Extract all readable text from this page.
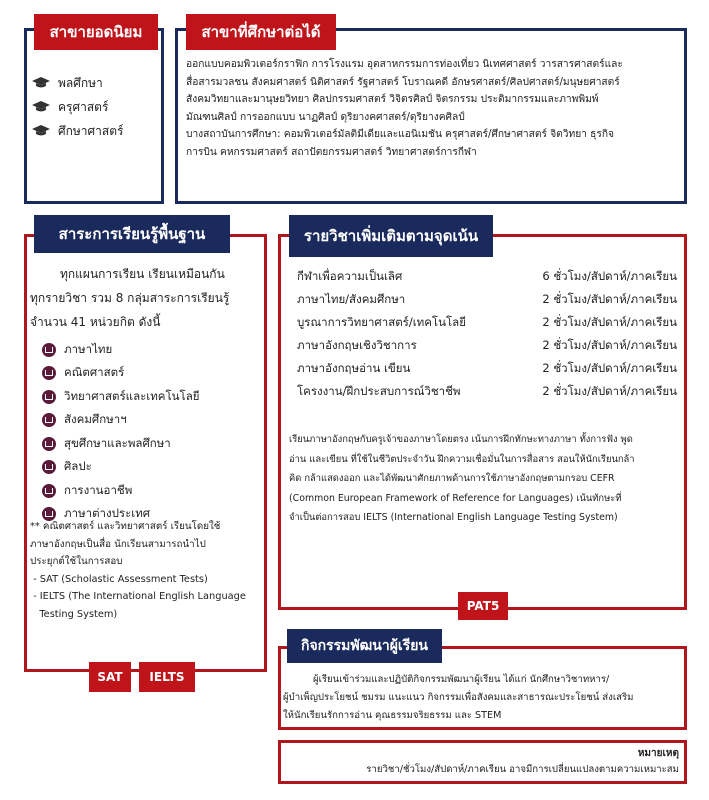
สาขายอดนิยม
พลศึกษา
ครุศาสตร์
ศึกษาศาสตร์
สาขาที่ศึกษาต่อได้
ออกแบบคอมพิวเตอร์กราฟิก การโรงแรม อุตสาหกรรมการท่องเที่ยว นิเทศศาสตร์ วารสารศาสตร์และ
สื่อสารมวลชน สังคมศาสตร์ นิติศาสตร์ รัฐศาสตร์ โบราณคดี อักษรศาสตร์/ศิลปศาสตร์/มนุษยศาสตร์
สังคมวิทยาและมานุษยวิทยา ศิลปกรรมศาสตร์ วิจิตรศิลป์ จิตรกรรม ประติมากรรมและภาพพิมพ์
มัณฑนศิลป์ การออกแบบ นาฏศิลป์ ดุริยางคศาสตร์/ดุริยางคศิลป์
บางสถาบันการศึกษา: คอมพิวเตอร์มัลติมีเดียและแอนิเมชัน ครุศาสตร์/ศึกษาศาสตร์ จิตวิทยา ธุรกิจ
การบิน คหกรรมศาสตร์ สถาปัตยกรรมศาสตร์ วิทยาศาสตร์การกีฬา
สาระการเรียนรู้พื้นฐาน
ทุกแผนการเรียน เรียนเหมือนกัน
ทุกรายวิชา รวม 8 กลุ่มสาระการเรียนรู้
จำนวน 41 หน่วยกิต ดังนี้
ภาษาไทย
คณิตศาสตร์
วิทยาศาสตร์และเทคโนโลยี
สังคมศึกษาฯ
สุขศึกษาและพลศึกษา
ศิลปะ
การงานอาชีพ
ภาษาต่างประเทศ
** คณิตศาสตร์ และวิทยาศาสตร์ เรียนโดยใช้
ภาษาอังกฤษเป็นสื่อ นักเรียนสามารถนำไป
ประยุกต์ใช้ในการสอบ
- SAT (Scholastic Assessment Tests)
- IELTS (The International English Language
Testing System)
SAT	IELTS
รายวิชาเพิ่มเติมตามจุดเน้น
กีฬาเพื่อความเป็นเลิศ	6 ชั่วโมง/สัปดาห์/ภาคเรียน
ภาษาไทย/สังคมศึกษา	2 ชั่วโมง/สัปดาห์/ภาคเรียน
บูรณาการวิทยาศาสตร์/เทคโนโลยี	2 ชั่วโมง/สัปดาห์/ภาคเรียน
ภาษาอังกฤษเชิงวิชาการ	2 ชั่วโมง/สัปดาห์/ภาคเรียน
ภาษาอังกฤษอ่าน เขียน	2 ชั่วโมง/สัปดาห์/ภาคเรียน
โครงงาน/ฝึกประสบการณ์วิชาชีพ	2 ชั่วโมง/สัปดาห์/ภาคเรียน
เรียนภาษาอังกฤษกับครูเจ้าของภาษาโดยตรง เน้นการฝึกทักษะทางภาษา ทั้งการฟัง พูด
อ่าน และเขียน ที่ใช้ในชีวิตประจำวัน ฝึกความเชื่อมั่นในการสื่อสาร สอนให้นักเรียนกล้า
คิด กล้าแสดงออก และได้พัฒนาศักยภาพด้านการใช้ภาษาอังกฤษตามกรอบ CEFR
(Common European Framework of Reference for Languages) เน้นทักษะที่
จำเป็นต่อการสอบ IELTS (International English Language Testing System)
PAT5
กิจกรรมพัฒนาผู้เรียน
ผู้เรียนเข้าร่วมและปฏิบัติกิจกรรมพัฒนาผู้เรียน ได้แก่ นักศึกษาวิชาทหาร/
ผู้บำเพ็ญประโยชน์ ชมรม แนะแนว กิจกรรมเพื่อสังคมและสาธารณะประโยชน์ ส่งเสริม
ให้นักเรียนรักการอ่าน คุณธรรมจริยธรรม และ STEM
หมายเหตุ
รายวิชา/ชั่วโมง/สัปดาห์/ภาคเรียน อาจมีการเปลี่ยนแปลงตามความเหมาะสม
